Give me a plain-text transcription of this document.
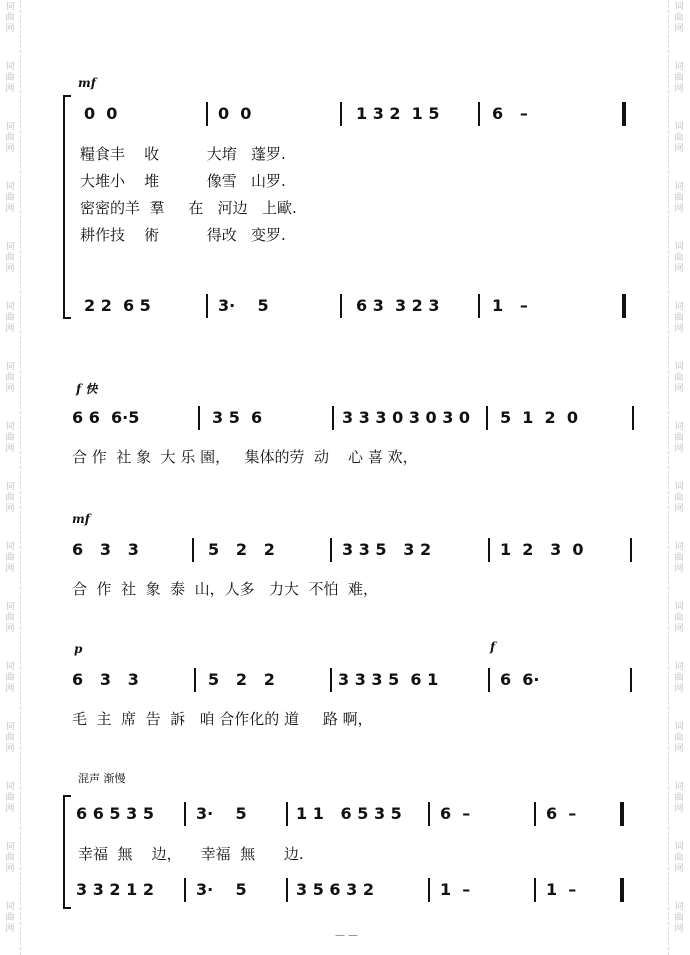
词
曲
网
词
曲
网
词
曲
网
词
曲
网
词
曲
网
词
曲
网
词
曲
网
词
曲
网
词
曲
网
词
曲
网
词
曲
网
词
曲
网
词
曲
网
词
曲
网
词
曲
网
词
曲
网
词
曲
网
词
曲
网
词
曲
网
词
曲
网
词
曲
网
词
曲
网
词
曲
网
词
曲
网
词
曲
网
词
曲
网
词
曲
网
词
曲
网
词
曲
网
词
曲
网
词
曲
网
词
曲
网
mf
0  0	0  0	1 3 2  1 5	6   –
糧食丰    收          大堉   蓬罗.
大堆小    堆          像雪   山罗.
密密的羊  羣     在   河边   上歐.
耕作技    術          得改   变罗.
2 2  6 5	3·    5	6 3  3 2 3	1   –
f 快
6 6  6·5	3 5  6	3 3 3 0 3 0 3 0 5  1  2  0
合 作  社 象  大 乐 園，   集体的劳  动    心 喜 欢，
mf
6   3   3	5   2   2	3 3 5   3 2	1  2   3  0
合  作  社  象  泰  山，人多   力大  不怕  难，
p	f
6   3   3	5   2   2	3 3 3 5  6 1	6  6·
毛  主  席  告  訴   咱 合作化的 道     路 啊，
混声 渐慢
6 6 5 3 5	3·    5	1 1   6 5 3 5 6  –	6  –
幸福  無    边，    幸福  無      边.
3 3 2 1 2	3·    5	3 5 6 3 2	1  –	1  –
— —
